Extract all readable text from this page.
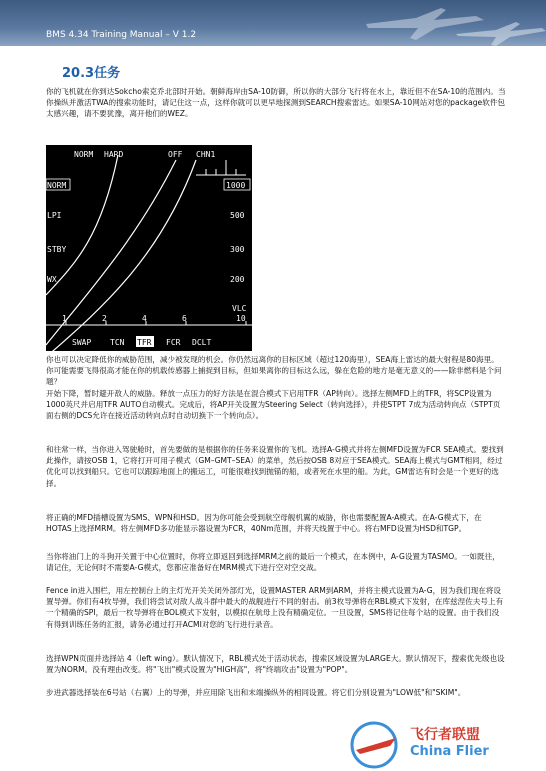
BMS 4.34 Training Manual – V 1.2
20.3任务
你的飞机就在你到达Sokcho索克乔北部时开始。朝鲜海岸由SA-10防御，所以你的大部分飞行将在水上，靠近但不在SA-10的范围内。当你操纵并激活TWA的搜索功能时，请记住这一点，这样你就可以更早地探测到SEARCH搜索雷达。如果SA-10网站对您的package软件包太感兴趣，请不要犹豫，离开他们的WEZ。
NORM HARD	OFF CHN1
NORM
LPI
STBY
WX
1000
500
300
200
VLC
1	2	4	6	10
SWAP TCN TFR FCR DCLT
你也可以决定降低你的威胁范围，减少被发现的机会。你仍然远离你的目标区域（超过120海里），SEA海上雷达的最大射程是80海里。你可能需要飞得很高才能在你的机载传感器上捕捉到目标，但如果离你的目标这么远，躲在危险的地方是毫无意义的——除非燃料是个问题？
开始下降，暂时避开敌人的威胁。释放一点压力的好方法是在混合模式下启用TFR（AP转向）。选择左侧MFD上的TFR，将SCP设置为1000英尺并启用TFR AUTO自动模式。完成后，将AP开关设置为Steering Select（转向选择），并使STPT 7成为活动转向点（STPT页面右侧的DCS允许在接近活动转向点时自动切换下一个转向点）。
和往常一样，当你进入驾驶舱时，首先要做的是根据你的任务来设置你的飞机。选择A-G模式并将左侧MFD设置为FCR SEA模式。要找到此操作，请按OSB 1，它将打开可用子模式（GM–GMT–SEA）的菜单，然后按OSB 8对应于SEA模式。SEA海上模式与GMT相同，经过优化可以找到船只。它也可以跟踪地面上的搬运工，可能很难找到抛锚的船，或者死在水里的船。为此，GM雷达有时会是一个更好的选择。
将正确的MFD插槽设置为SMS、WPN和HSD。因为你可能会受到航空母舰机翼的威胁，你也需要配置A-A模式。在A-G模式下，在HOTAS上选择MRM。将左侧MFD多功能显示器设置为FCR，40Nm范围，并将天线置于中心。将右MFD设置为HSD和TGP。
当你将油门上的斗狗开关置于中心位置时，你将立即返回到选择MRM之前的最后一个模式，在本例中，A-G设置为TASMO。一如既往，请记住，无论何时不需要A-G模式，您都应准备好在MRM模式下进行空对空交战。
Fence in进入围栏，用左控制台上的主灯光开关关闭外部灯光，设置MASTER ARM到ARM，并将主模式设置为A-G，因为我们现在将设置导弹。你们有4枚导弹，我们将尝试对敌人战斗群中最大的战舰进行不同的射击。前3枚导弹将在RBL模式下发射，在库兹涅佐夫号上有一个精确的SPI，最后一枚导弹将在BOL模式下发射，以模拟在航母上没有精确定位。一旦设置，SMS将记住每个站的设置。由于我们没有得到训练任务的汇报，请务必通过打开ACMI对您的飞行进行录音。
选择WPN页面并选择站 4（left wing）。默认情况下，RBL模式处于活动状态，搜索区域设置为LARGE大。默认情况下，搜索优先级也设置为NORM。没有理由改变。将"飞出"模式设置为"HIGH高"，将"终端攻击"设置为"POP"。
步进武器选择装在6号站（右翼）上的导弹，并应用除飞出和末端操纵外的相同设置。将它们分别设置为"LOW低"和"SKIM"。
飞行者联盟
China Flier
